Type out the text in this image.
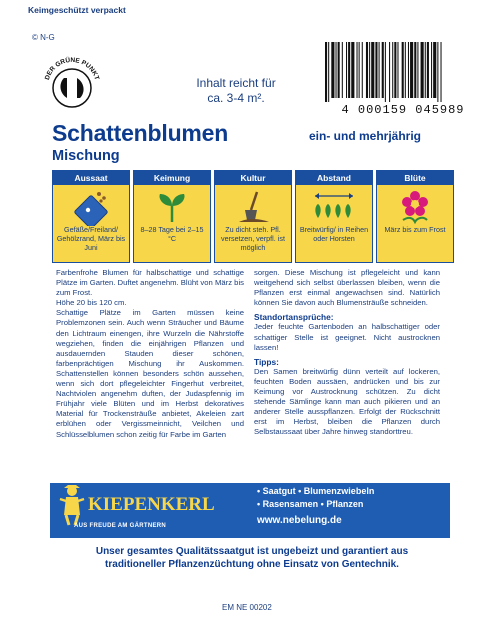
Keimgeschützt verpackt
© N-G
DER GRÜNE PUNKT	Inhalt reicht für
ca. 3-4 m².
4 000159 045989
Schattenblumen	ein- und mehrjährig
Mischung
Aussaat
Gefäße/Freiland/ Gehölzrand, März bis Juni
Keimung
8–28 Tage bei 2–15 °C
Kultur
Zu dicht steh. Pfl. versetzen, verpfl. ist möglich
Abstand
Breitwürfig/ in Reihen oder Horsten
Blüte
März bis zum Frost

Farbenfrohe Blumen für halbschattige und schattige Plätze im Garten. Duftet angenehm. Blüht von März bis zum Frost.

Höhe 20 bis 120 cm.

Schattige Plätze im Garten müssen keine Problemzonen sein. Auch wenn Sträucher und Bäume den Lichtraum einengen, ihre Wurzeln die Nährstoffe wegziehen, finden die einjährigen Pflanzen und ausdauernden Stauden dieser schönen, farbenprächtigen Mischung ihr Auskommen. Schattenstellen können besonders schön aussehen, wenn sich dort pflegeleichter Fingerhut verbreitet, Nachtviolen angenehm duften, der Judaspfennig im Frühjahr viele Blüten und im Herbst dekoratives Material für Trockensträuße anbietet, Akeleien zart erblühen oder Vergissmeinnicht, Veilchen und Schlüsselblumen schon zeitig für Farbe im Garten

sorgen. Diese Mischung ist pflegeleicht und kann weitgehend sich selbst überlassen bleiben, wenn die Pflanzen erst einmal angewachsen sind. Natürlich können Sie davon auch Blumensträuße schneiden.

Standortansprüche:

Jeder feuchte Gartenboden an halbschattiger oder schattiger Stelle ist geeignet. Nicht austrocknen lassen!

Tipps:

Den Samen breitwürfig dünn verteilt auf lockeren, feuchten Boden aussäen, andrücken und bis zur Keimung vor Austrocknung schützen. Zu dicht stehende Sämlinge kann man auch pikieren und an anderer Stelle ausspflanzen. Erfolgt der Rückschnitt erst im Herbst, bleiben die Pflanzen durch Selbstaussaat über Jahre hinweg standorttreu.

KIEPENKERL
AUS FREUDE AM GÄRTNERN
• Saatgut • Blumenzwiebeln
• Rasensamen • Pflanzen
www.nebelung.de
Unser gesamtes Qualitätssaatgut ist ungebeizt und garantiert aus
traditioneller Pflanzenzüchtung ohne Einsatz von Gentechnik.
EM NE 00202
